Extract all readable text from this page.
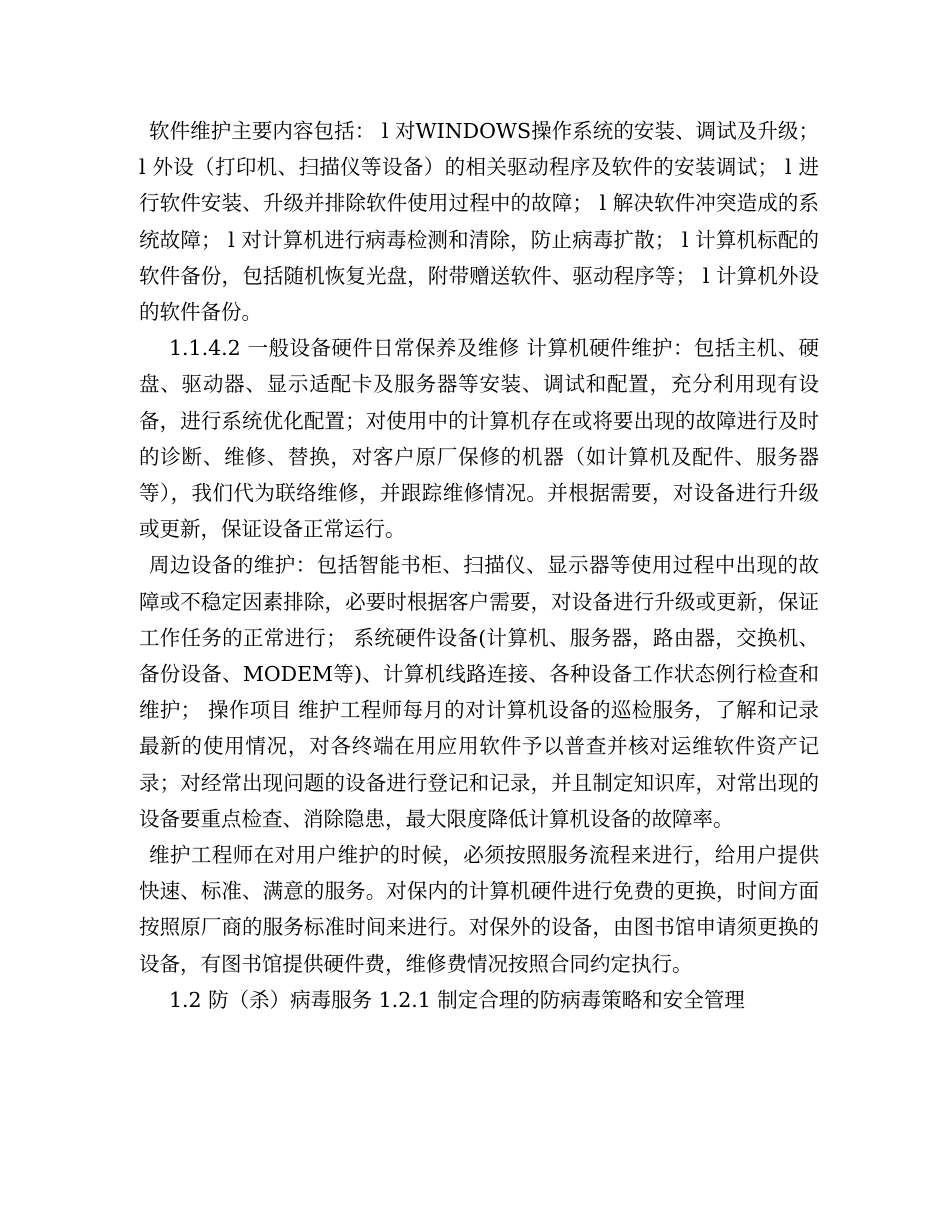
软件维护主要内容包括： l 对WINDOWS操作系统的安装、调试及升级； l 外设（打印机、扫描仪等设备）的相关驱动程序及软件的安装调试； l 进行软件安装、升级并排除软件使用过程中的故障； l 解决软件冲突造成的系统故障； l 对计算机进行病毒检测和清除，防止病毒扩散； l 计算机标配的软件备份，包括随机恢复光盘，附带赠送软件、驱动程序等； l 计算机外设的软件备份。

1.1.4.2 一般设备硬件日常保养及维修 计算机硬件维护：包括主机、硬盘、驱动器、显示适配卡及服务器等安装、调试和配置，充分利用现有设备，进行系统优化配置；对使用中的计算机存在或将要出现的故障进行及时的诊断、维修、替换，对客户原厂保修的机器（如计算机及配件、服务器等），我们代为联络维修，并跟踪维修情况。并根据需要，对设备进行升级或更新，保证设备正常运行。

周边设备的维护：包括智能书柜、扫描仪、显示器等使用过程中出现的故障或不稳定因素排除，必要时根据客户需要，对设备进行升级或更新，保证工作任务的正常进行； 系统硬件设备(计算机、服务器，路由器，交换机、备份设备、MODEM等)、计算机线路连接、各种设备工作状态例行检查和维护； 操作项目 维护工程师每月的对计算机设备的巡检服务，了解和记录最新的使用情况，对各终端在用应用软件予以普查并核对运维软件资产记录；对经常出现问题的设备进行登记和记录，并且制定知识库，对常出现的设备要重点检查、消除隐患，最大限度降低计算机设备的故障率。

维护工程师在对用户维护的时候，必须按照服务流程来进行，给用户提供快速、标准、满意的服务。对保内的计算机硬件进行免费的更换，时间方面按照原厂商的服务标准时间来进行。对保外的设备，由图书馆申请须更换的设备，有图书馆提供硬件费，维修费情况按照合同约定执行。

1.2 防（杀）病毒服务 1.2.1 制定合理的防病毒策略和安全管理
